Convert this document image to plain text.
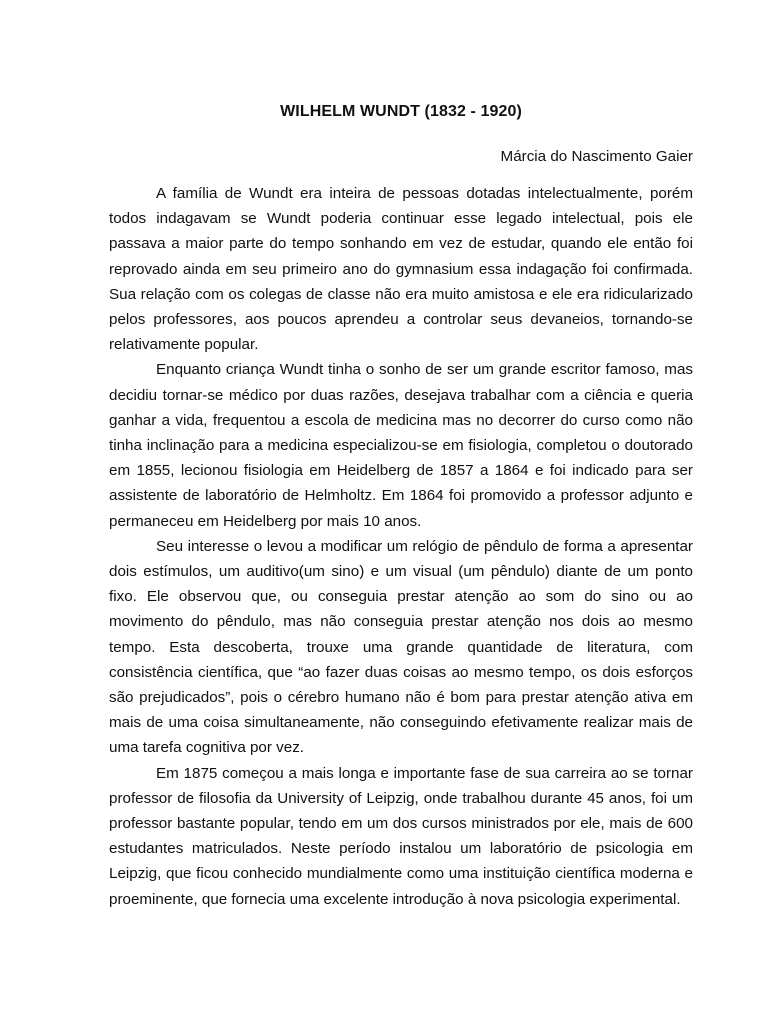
WILHELM WUNDT (1832 - 1920)

Márcia do Nascimento Gaier

A família de Wundt era inteira de pessoas dotadas intelectualmente, porém todos indagavam se Wundt poderia continuar esse legado intelectual, pois ele passava a maior parte do tempo sonhando em vez de estudar, quando ele então foi reprovado ainda em seu primeiro ano do gymnasium essa indagação foi confirmada. Sua relação com os colegas de classe não era muito amistosa e ele era ridicularizado pelos professores, aos poucos aprendeu a controlar seus devaneios, tornando-se relativamente popular.

Enquanto criança Wundt tinha o sonho de ser um grande escritor famoso, mas decidiu tornar-se médico por duas razões, desejava trabalhar com a ciência e queria ganhar a vida, frequentou a escola de medicina mas no decorrer do curso como não tinha inclinação para a medicina especializou-se em fisiologia, completou o doutorado em 1855, lecionou fisiologia em Heidelberg de 1857 a 1864 e foi indicado para ser assistente de laboratório de Helmholtz. Em 1864 foi promovido a professor adjunto e permaneceu em Heidelberg por mais 10 anos.

Seu interesse o levou a modificar um relógio de pêndulo de forma a apresentar dois estímulos, um auditivo(um sino) e um visual (um pêndulo) diante de um ponto fixo. Ele observou que, ou conseguia prestar atenção ao som do sino ou ao movimento do pêndulo, mas não conseguia prestar atenção nos dois ao mesmo tempo. Esta descoberta, trouxe uma grande quantidade de literatura, com consistência científica, que “ao fazer duas coisas ao mesmo tempo, os dois esforços são prejudicados”, pois o cérebro humano não é bom para prestar atenção ativa em mais de uma coisa simultaneamente, não conseguindo efetivamente realizar mais de uma tarefa cognitiva por vez.

Em 1875 começou a mais longa e importante fase de sua carreira ao se tornar professor de filosofia da University of Leipzig, onde trabalhou durante 45 anos, foi um professor bastante popular, tendo em um dos cursos ministrados por ele, mais de 600 estudantes matriculados. Neste período instalou um laboratório de psicologia em Leipzig, que ficou conhecido mundialmente como uma instituição científica moderna e proeminente, que fornecia uma excelente introdução à nova psicologia experimental.
